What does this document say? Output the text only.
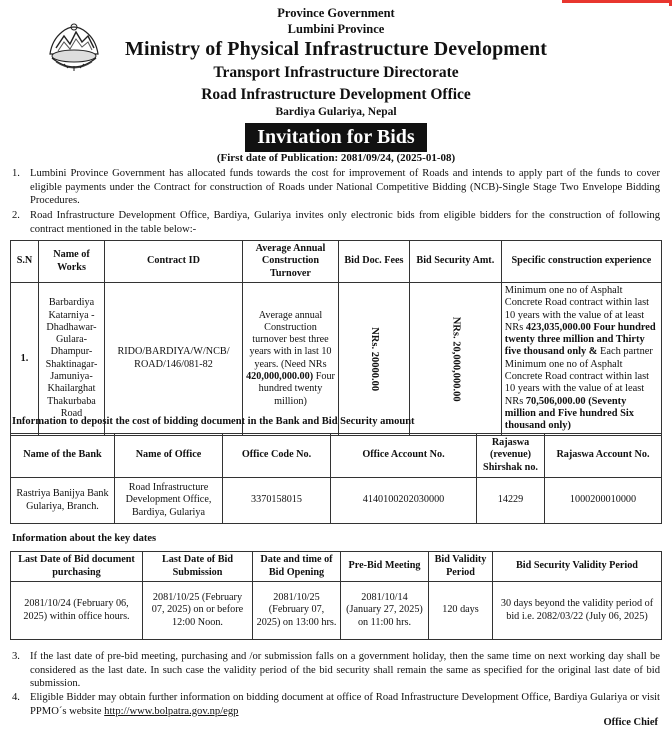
Province Government
Lumbini Province
Ministry of Physical Infrastructure Development
Transport Infrastructure Directorate
Road Infrastructure Development Office
Bardiya Gulariya, Nepal
Invitation for Bids
(First date of Publication: 2081/09/24, (2025-01-08)
1. Lumbini Province Government has allocated funds towards the cost for improvement of Roads and intends to apply part of the funds to cover eligible payments under the Contract for construction of Roads under National Competitive Bidding (NCB)-Single Stage Two Envelope Bidding Procedures.
2. Road Infrastructure Development Office, Bardiya, Gulariya invites only electronic bids from eligible bidders for the construction of following contract mentioned in the table below:-
S.N	Name of Works	Contract ID	Average Annual Construction Turnover	Bid Doc. Fees	Bid Security Amt.	Specific construction experience
1.	Barbardiya Katarniya -Dhadhawar-Gulara-Dhampur-Shaktinagar-Jamuniya-Khailarghat Thakurbaba Road	RIDO/BARDIYA/W/NCB/ ROAD/146/081-82	Average annual Construction turnover best three years with in last 10 years. (Need NRs 420,000,000.00) Four hundred twenty million)	NRs. 20000.00	NRs. 20,000,000.00	Minimum one no of Asphalt Concrete Road contract within last 10 years with the value of at least NRs 423,035,000.00 Four hundred twenty three million and Thirty five thousand only & Each partner Minimum one no of Asphalt Concrete Road contract within last 10 years with the value of at least NRs 70,506,000.00 (Seventy million and Five hundred Six thousand only)
Information to deposit the cost of bidding document in the Bank and Bid Security amount
Name of the Bank	Name of Office	Office Code No.	Office Account No.	Rajaswa (revenue) Shirshak no.	Rajaswa Account No.
Rastriya Banijya Bank Gulariya, Branch.	Road Infrastructure Development Office, Bardiya, Gulariya	3370158015	4140100202030000	14229	1000200010000
Information about the key dates
Last Date of Bid document purchasing	Last Date of Bid Submission	Date and time of Bid Opening	Pre-Bid Meeting	Bid Validity Period	Bid Security Validity Period
2081/10/24 (February 06, 2025) within office hours.	2081/10/25 (February 07, 2025) on or before 12:00 Noon.	2081/10/25 (February 07, 2025) on 13:00 hrs.	2081/10/14 (January 27, 2025) on 11:00 hrs.	120 days	30 days beyond the validity period of bid i.e. 2082/03/22 (July 06, 2025)
3. If the last date of pre-bid meeting, purchasing and /or submission falls on a government holiday, then the same time on next working day shall be considered as the last date. In such case the validity period of the bid security shall remain the same as specified for the original last date of bid submission.
4. Eligible Bidder may obtain further information on bidding document at office of Road Infrastructure Development Office, Bardiya Gulariya or visit PPMO´s website http://www.bolpatra.gov.np/egp
Office Chief
